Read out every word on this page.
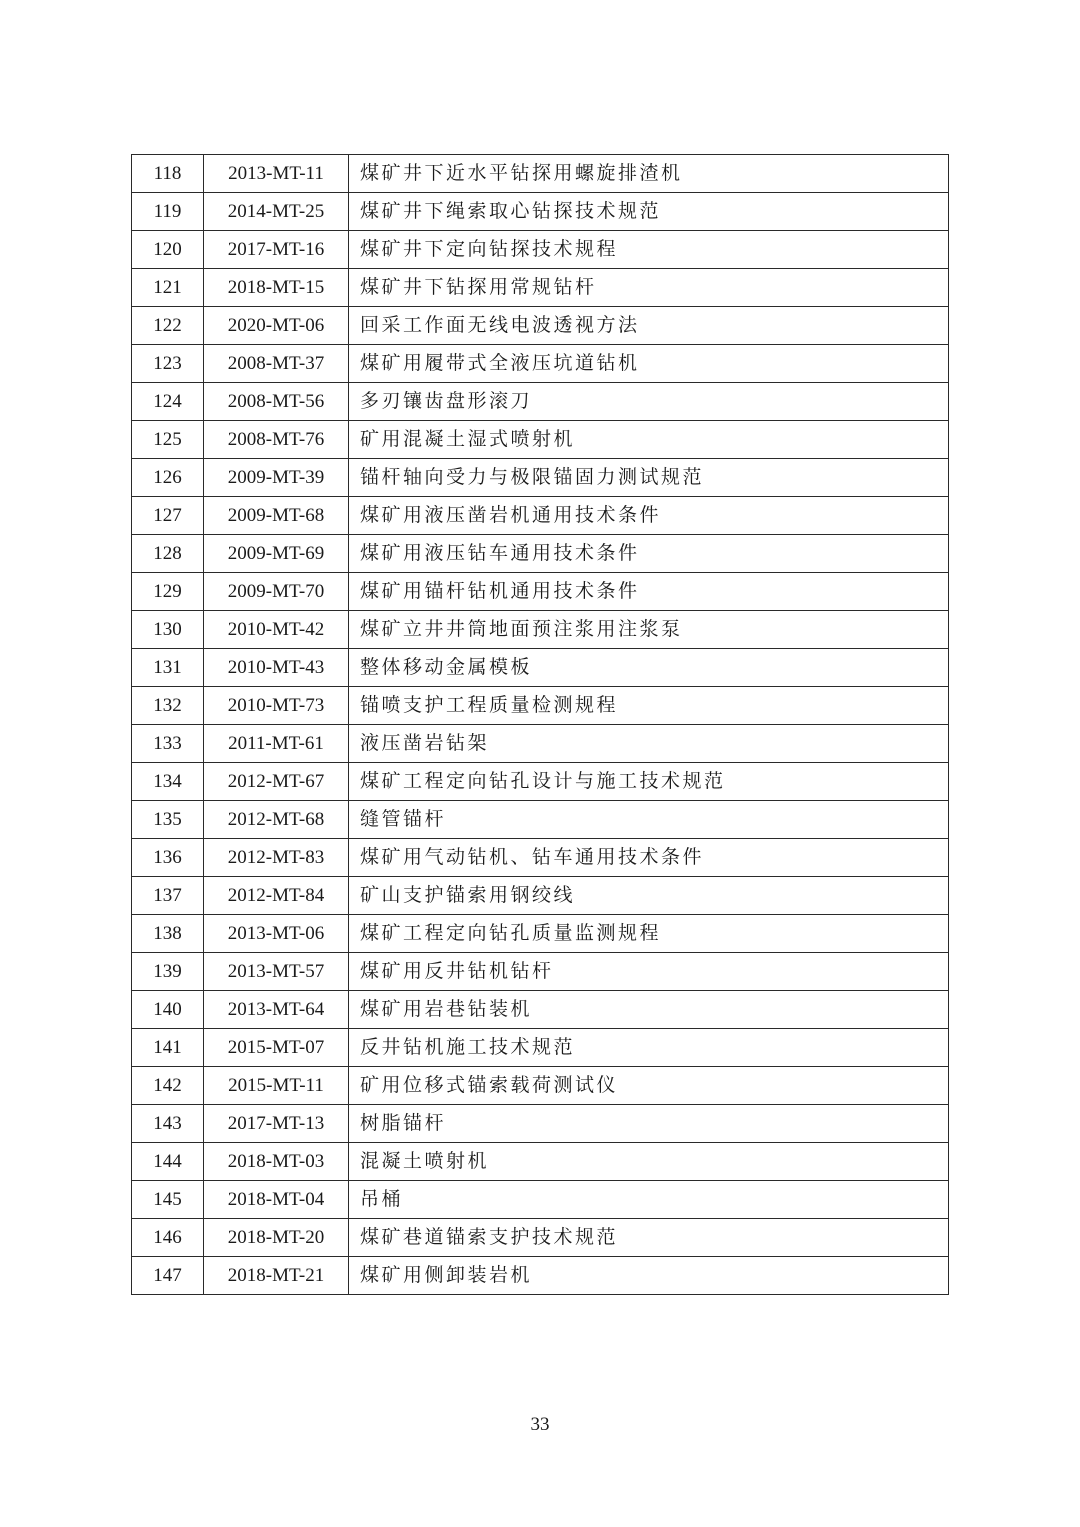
118	2013-MT-11	煤矿井下近水平钻探用螺旋排渣机
119	2014-MT-25	煤矿井下绳索取心钻探技术规范
120	2017-MT-16	煤矿井下定向钻探技术规程
121	2018-MT-15	煤矿井下钻探用常规钻杆
122	2020-MT-06	回采工作面无线电波透视方法
123	2008-MT-37	煤矿用履带式全液压坑道钻机
124	2008-MT-56	多刃镶齿盘形滚刀
125	2008-MT-76	矿用混凝土湿式喷射机
126	2009-MT-39	锚杆轴向受力与极限锚固力测试规范
127	2009-MT-68	煤矿用液压凿岩机通用技术条件
128	2009-MT-69	煤矿用液压钻车通用技术条件
129	2009-MT-70	煤矿用锚杆钻机通用技术条件
130	2010-MT-42	煤矿立井井筒地面预注浆用注浆泵
131	2010-MT-43	整体移动金属模板
132	2010-MT-73	锚喷支护工程质量检测规程
133	2011-MT-61	液压凿岩钻架
134	2012-MT-67	煤矿工程定向钻孔设计与施工技术规范
135	2012-MT-68	缝管锚杆
136	2012-MT-83	煤矿用气动钻机、钻车通用技术条件
137	2012-MT-84	矿山支护锚索用钢绞线
138	2013-MT-06	煤矿工程定向钻孔质量监测规程
139	2013-MT-57	煤矿用反井钻机钻杆
140	2013-MT-64	煤矿用岩巷钻装机
141	2015-MT-07	反井钻机施工技术规范
142	2015-MT-11	矿用位移式锚索载荷测试仪
143	2017-MT-13	树脂锚杆
144	2018-MT-03	混凝土喷射机
145	2018-MT-04	吊桶
146	2018-MT-20	煤矿巷道锚索支护技术规范
147	2018-MT-21	煤矿用侧卸装岩机
33
